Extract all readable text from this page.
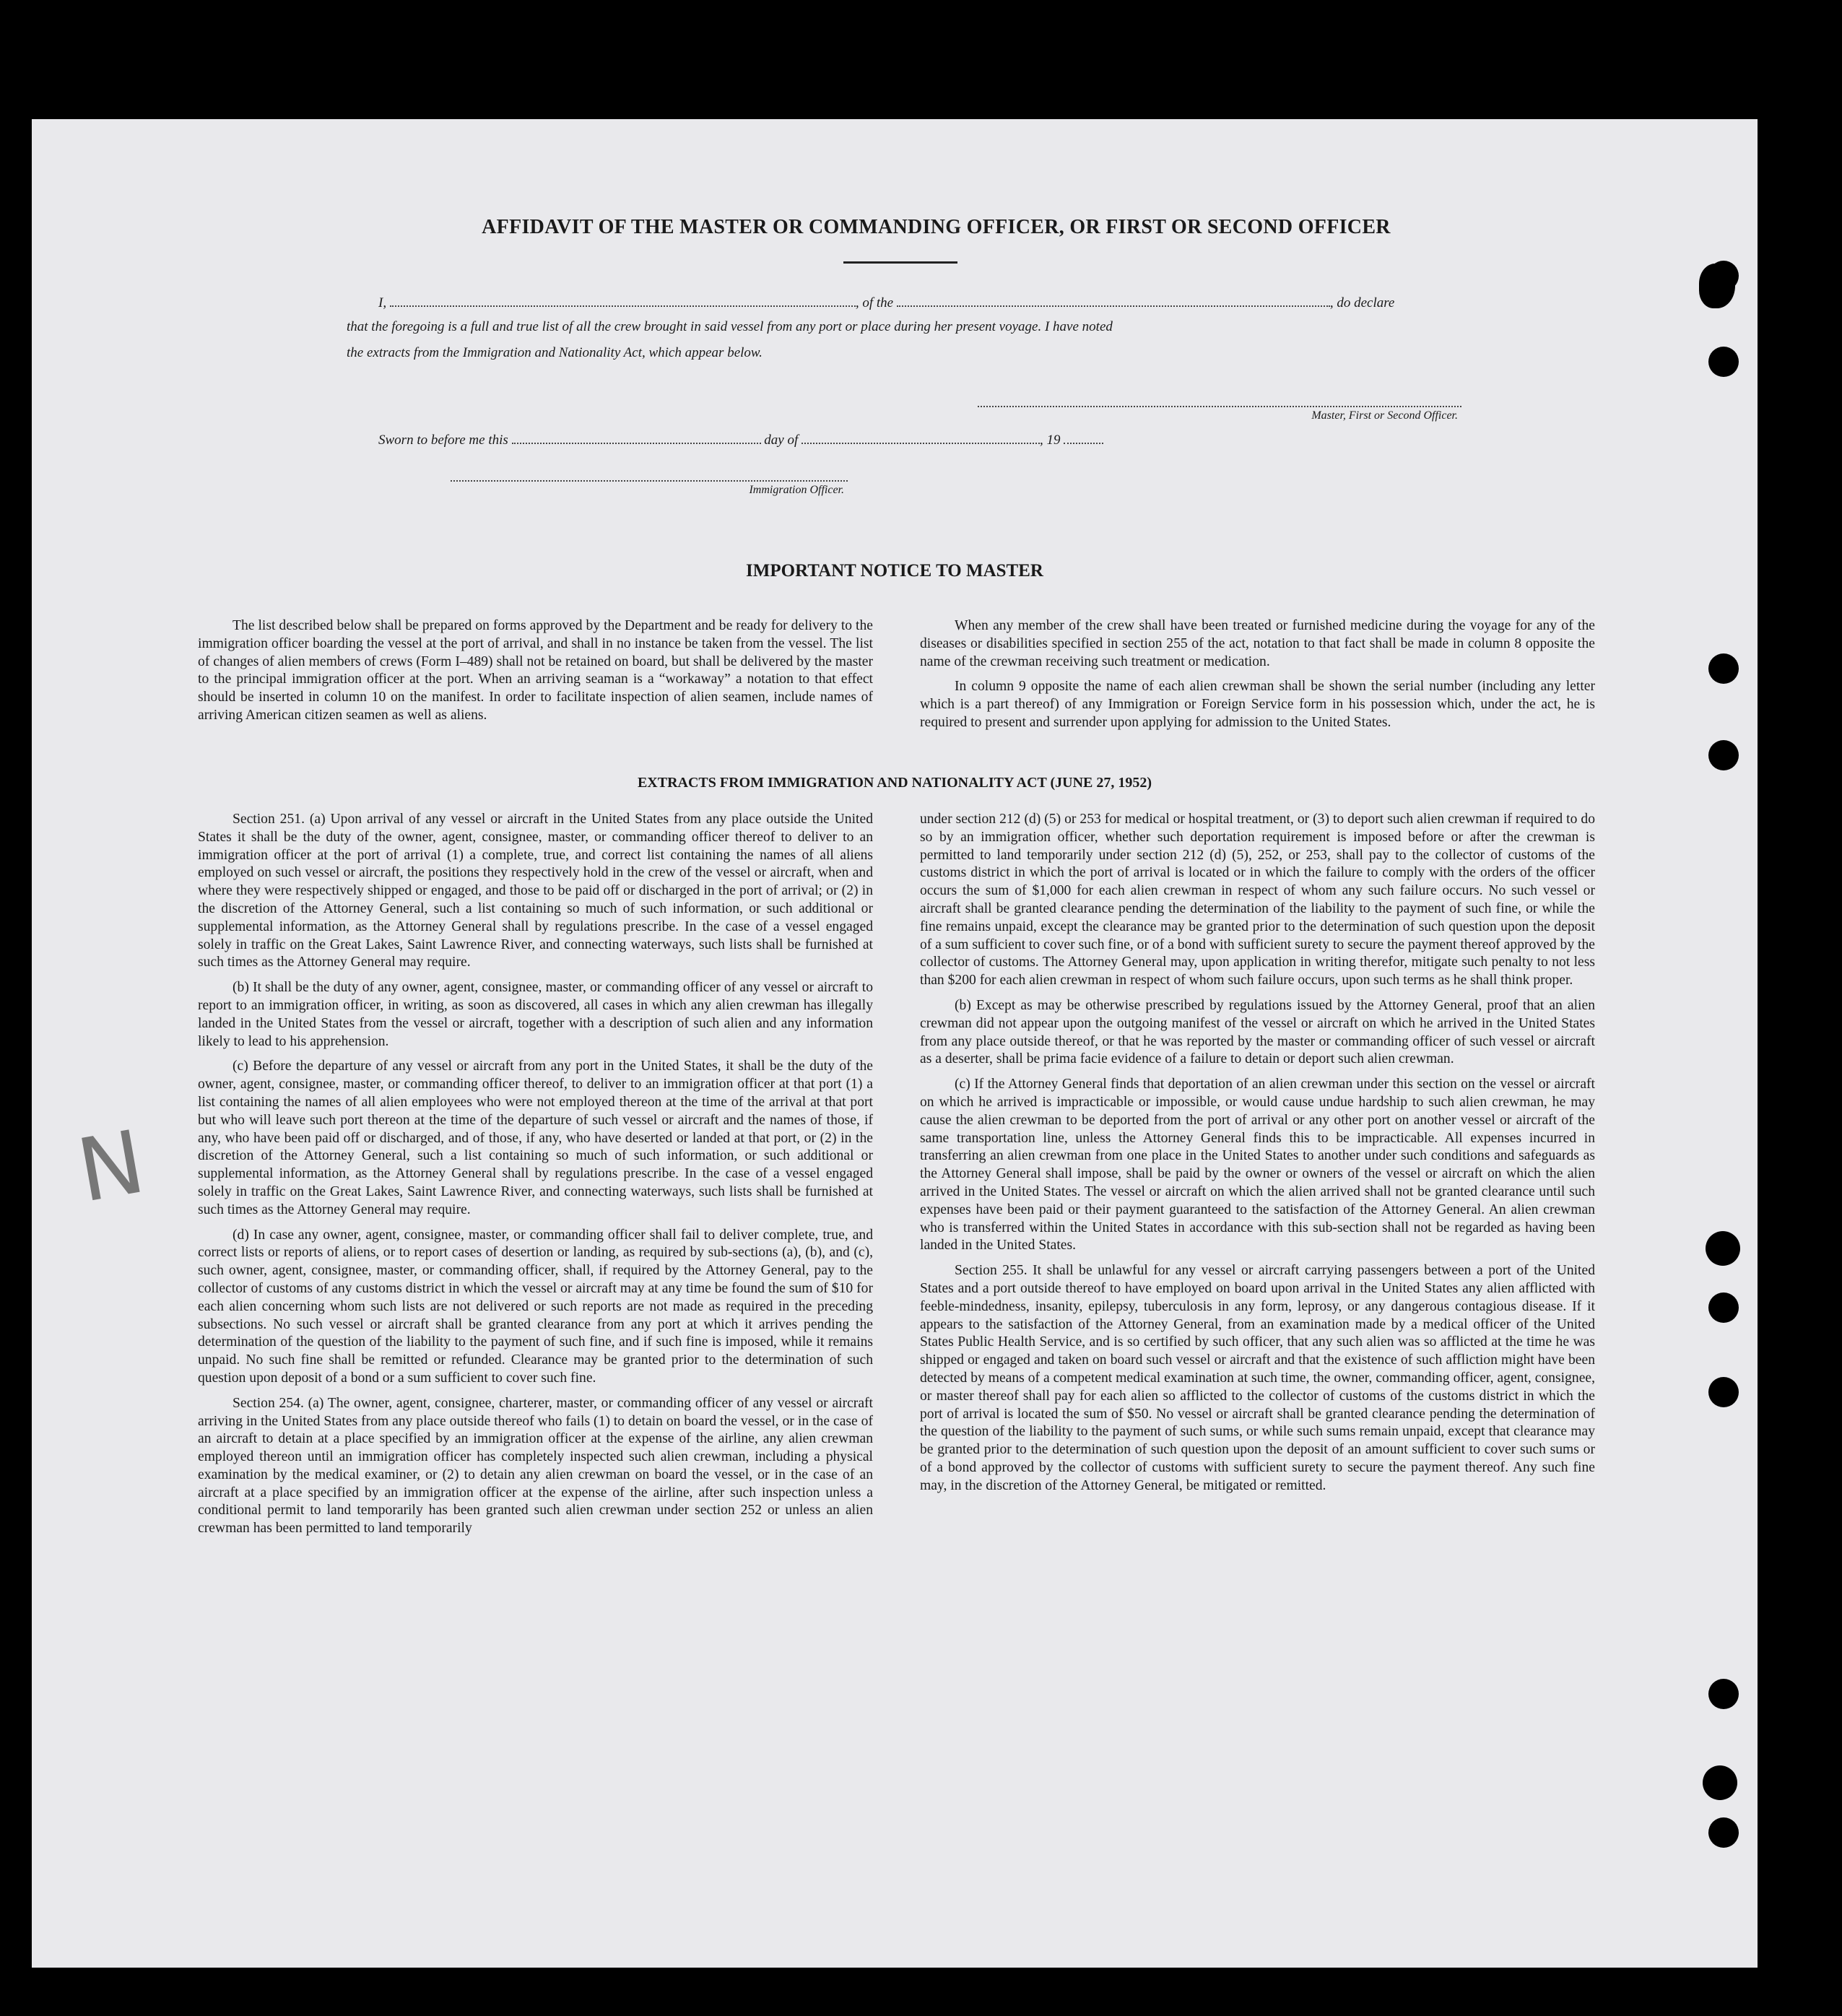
AFFIDAVIT OF THE MASTER OR COMMANDING OFFICER, OR FIRST OR SECOND OFFICER
I,	, of the	, do declare
that the foregoing is a full and true list of all the crew brought in said vessel from any port or place during her present voyage. I have noted
the extracts from the Immigration and Nationality Act, which appear below.
Master, First or Second Officer.
Sworn to before me this	day of	, 19
Immigration Officer.
IMPORTANT NOTICE TO MASTER

The list described below shall be prepared on forms approved by the Department and be ready for delivery to the immigration officer boarding the vessel at the port of arrival, and shall in no instance be taken from the vessel. The list of changes of alien members of crews (Form I–489) shall not be retained on board, but shall be delivered by the master to the principal immigration officer at the port. When an arriving seaman is a “workaway” a notation to that effect should be inserted in column 10 on the manifest. In order to facilitate inspection of alien seamen, include names of arriving American citizen seamen as well as aliens.

When any member of the crew shall have been treated or furnished medicine during the voyage for any of the diseases or disabilities specified in section 255 of the act, notation to that fact shall be made in column 8 opposite the name of the crewman receiving such treatment or medication.

In column 9 opposite the name of each alien crewman shall be shown the serial number (including any letter which is a part thereof) of any Immigration or Foreign Service form in his possession which, under the act, he is required to present and surrender upon applying for admission to the United States.

EXTRACTS FROM IMMIGRATION AND NATIONALITY ACT (JUNE 27, 1952)

Section 251. (a) Upon arrival of any vessel or aircraft in the United States from any place outside the United States it shall be the duty of the owner, agent, consignee, master, or commanding officer thereof to deliver to an immigration officer at the port of arrival (1) a complete, true, and correct list containing the names of all aliens employed on such vessel or aircraft, the positions they respectively hold in the crew of the vessel or aircraft, when and where they were respectively shipped or engaged, and those to be paid off or discharged in the port of arrival; or (2) in the discretion of the Attorney General, such a list containing so much of such information, or such additional or supplemental information, as the Attorney General shall by regulations prescribe. In the case of a vessel engaged solely in traffic on the Great Lakes, Saint Lawrence River, and connecting waterways, such lists shall be furnished at such times as the Attorney General may require.

(b) It shall be the duty of any owner, agent, consignee, master, or commanding officer of any vessel or aircraft to report to an immigration officer, in writing, as soon as discovered, all cases in which any alien crewman has illegally landed in the United States from the vessel or aircraft, together with a description of such alien and any information likely to lead to his apprehension.

(c) Before the departure of any vessel or aircraft from any port in the United States, it shall be the duty of the owner, agent, consignee, master, or commanding officer thereof, to deliver to an immigration officer at that port (1) a list containing the names of all alien employees who were not employed thereon at the time of the arrival at that port but who will leave such port thereon at the time of the departure of such vessel or aircraft and the names of those, if any, who have been paid off or discharged, and of those, if any, who have deserted or landed at that port, or (2) in the discretion of the Attorney General, such a list containing so much of such information, or such additional or supplemental information, as the Attorney General shall by regulations prescribe. In the case of a vessel engaged solely in traffic on the Great Lakes, Saint Lawrence River, and connecting waterways, such lists shall be furnished at such times as the Attorney General may require.

(d) In case any owner, agent, consignee, master, or commanding officer shall fail to deliver complete, true, and correct lists or reports of aliens, or to report cases of desertion or landing, as required by sub-sections (a), (b), and (c), such owner, agent, consignee, master, or commanding officer, shall, if required by the Attorney General, pay to the collector of customs of any customs district in which the vessel or aircraft may at any time be found the sum of $10 for each alien concerning whom such lists are not delivered or such reports are not made as required in the preceding subsections. No such vessel or aircraft shall be granted clearance from any port at which it arrives pending the determination of the question of the liability to the payment of such fine, and if such fine is imposed, while it remains unpaid. No such fine shall be remitted or refunded. Clearance may be granted prior to the determination of such question upon deposit of a bond or a sum sufficient to cover such fine.

Section 254. (a) The owner, agent, consignee, charterer, master, or commanding officer of any vessel or aircraft arriving in the United States from any place outside thereof who fails (1) to detain on board the vessel, or in the case of an aircraft to detain at a place specified by an immigration officer at the expense of the airline, any alien crewman employed thereon until an immigration officer has completely inspected such alien crewman, including a physical examination by the medical examiner, or (2) to detain any alien crewman on board the vessel, or in the case of an aircraft at a place specified by an immigration officer at the expense of the airline, after such inspection unless a conditional permit to land temporarily has been granted such alien crewman under section 252 or unless an alien crewman has been permitted to land temporarily

under section 212 (d) (5) or 253 for medical or hospital treatment, or (3) to deport such alien crewman if required to do so by an immigration officer, whether such deportation requirement is imposed before or after the crewman is permitted to land temporarily under section 212 (d) (5), 252, or 253, shall pay to the collector of customs of the customs district in which the port of arrival is located or in which the failure to comply with the orders of the officer occurs the sum of $1,000 for each alien crewman in respect of whom any such failure occurs. No such vessel or aircraft shall be granted clearance pending the determination of the liability to the payment of such fine, or while the fine remains unpaid, except the clearance may be granted prior to the determination of such question upon the deposit of a sum sufficient to cover such fine, or of a bond with sufficient surety to secure the payment thereof approved by the collector of customs. The Attorney General may, upon application in writing therefor, mitigate such penalty to not less than $200 for each alien crewman in respect of whom such failure occurs, upon such terms as he shall think proper.

(b) Except as may be otherwise prescribed by regulations issued by the Attorney General, proof that an alien crewman did not appear upon the outgoing manifest of the vessel or aircraft on which he arrived in the United States from any place outside thereof, or that he was reported by the master or commanding officer of such vessel or aircraft as a deserter, shall be prima facie evidence of a failure to detain or deport such alien crewman.

(c) If the Attorney General finds that deportation of an alien crewman under this section on the vessel or aircraft on which he arrived is impracticable or impossible, or would cause undue hardship to such alien crewman, he may cause the alien crewman to be deported from the port of arrival or any other port on another vessel or aircraft of the same transportation line, unless the Attorney General finds this to be impracticable. All expenses incurred in transferring an alien crewman from one place in the United States to another under such conditions and safeguards as the Attorney General shall impose, shall be paid by the owner or owners of the vessel or aircraft on which the alien arrived in the United States. The vessel or aircraft on which the alien arrived shall not be granted clearance until such expenses have been paid or their payment guaranteed to the satisfaction of the Attorney General. An alien crewman who is transferred within the United States in accordance with this sub-section shall not be regarded as having been landed in the United States.

Section 255. It shall be unlawful for any vessel or aircraft carrying passengers between a port of the United States and a port outside thereof to have employed on board upon arrival in the United States any alien afflicted with feeble-mindedness, insanity, epilepsy, tuberculosis in any form, leprosy, or any dangerous contagious disease. If it appears to the satisfaction of the Attorney General, from an examination made by a medical officer of the United States Public Health Service, and is so certified by such officer, that any such alien was so afflicted at the time he was shipped or engaged and taken on board such vessel or aircraft and that the existence of such affliction might have been detected by means of a competent medical examination at such time, the owner, commanding officer, agent, consignee, or master thereof shall pay for each alien so afflicted to the collector of customs of the customs district in which the port of arrival is located the sum of $50. No vessel or aircraft shall be granted clearance pending the determination of the question of the liability to the payment of such sums, or while such sums remain unpaid, except that clearance may be granted prior to the determination of such question upon the deposit of an amount sufficient to cover such sums or of a bond approved by the collector of customs with sufficient surety to secure the payment thereof. Any such fine may, in the discretion of the Attorney General, be mitigated or remitted.

N
